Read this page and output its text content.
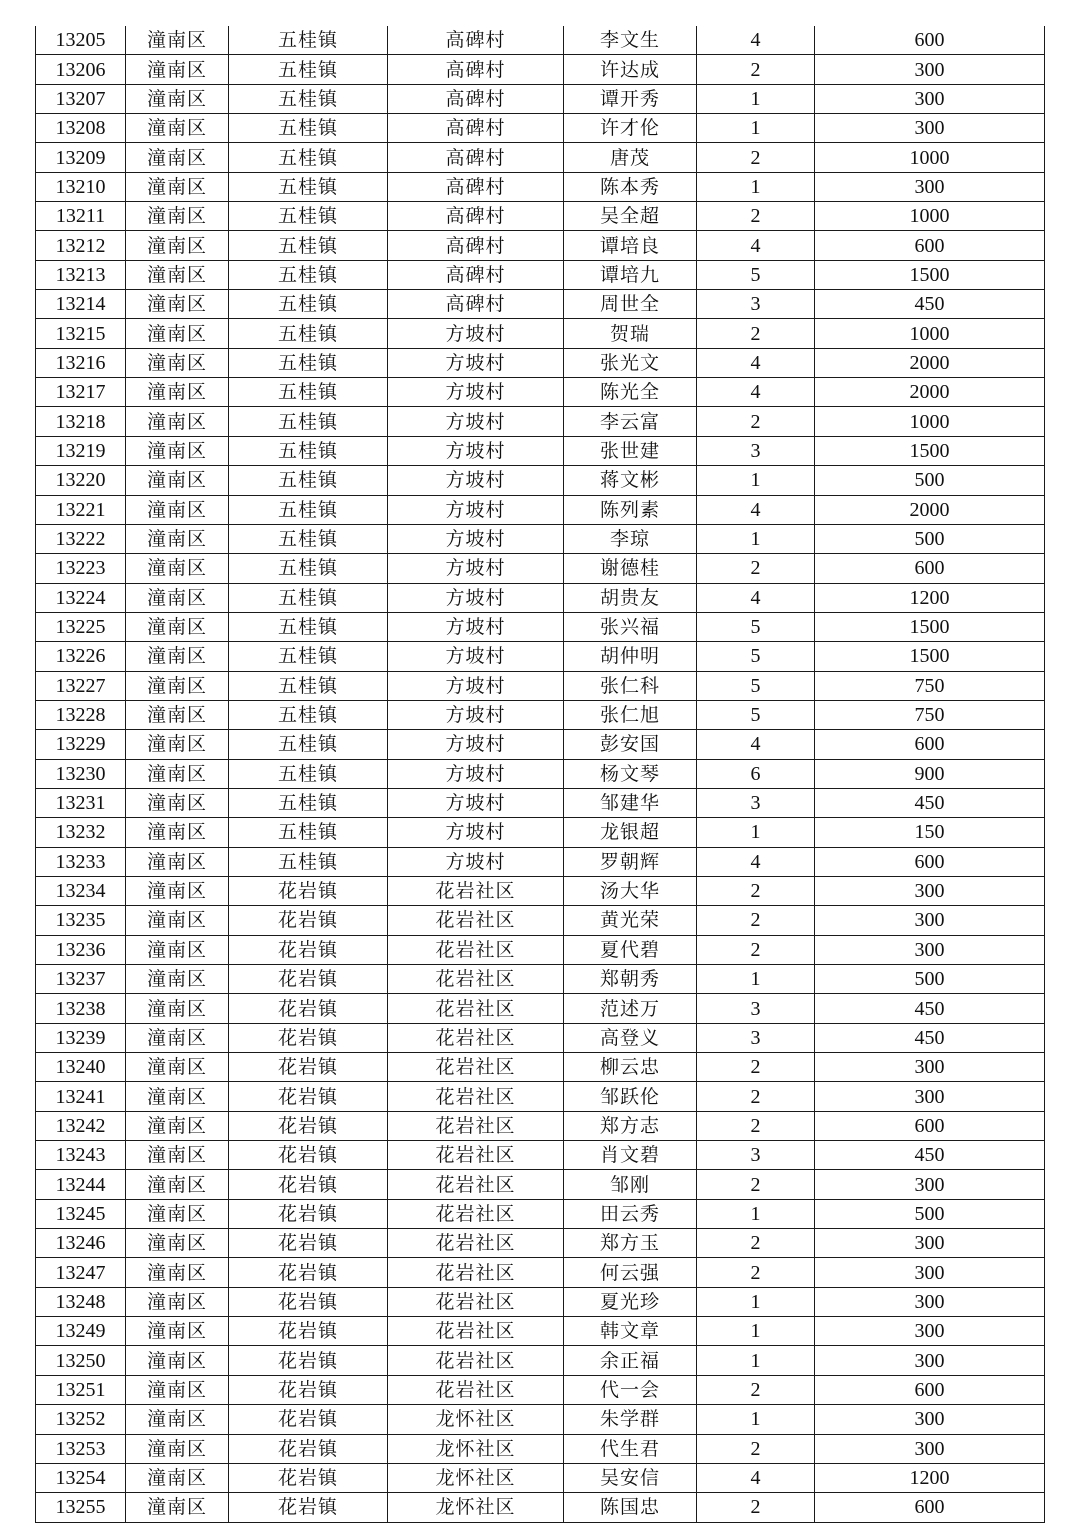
13205	潼南区	五桂镇	高碑村	李文生	4	600
13206	潼南区	五桂镇	高碑村	许达成	2	300
13207	潼南区	五桂镇	高碑村	谭开秀	1	300
13208	潼南区	五桂镇	高碑村	许才伦	1	300
13209	潼南区	五桂镇	高碑村	唐茂	2	1000
13210	潼南区	五桂镇	高碑村	陈本秀	1	300
13211	潼南区	五桂镇	高碑村	吴全超	2	1000
13212	潼南区	五桂镇	高碑村	谭培良	4	600
13213	潼南区	五桂镇	高碑村	谭培九	5	1500
13214	潼南区	五桂镇	高碑村	周世全	3	450
13215	潼南区	五桂镇	方坡村	贺瑞	2	1000
13216	潼南区	五桂镇	方坡村	张光文	4	2000
13217	潼南区	五桂镇	方坡村	陈光全	4	2000
13218	潼南区	五桂镇	方坡村	李云富	2	1000
13219	潼南区	五桂镇	方坡村	张世建	3	1500
13220	潼南区	五桂镇	方坡村	蒋文彬	1	500
13221	潼南区	五桂镇	方坡村	陈列素	4	2000
13222	潼南区	五桂镇	方坡村	李琼	1	500
13223	潼南区	五桂镇	方坡村	谢德桂	2	600
13224	潼南区	五桂镇	方坡村	胡贵友	4	1200
13225	潼南区	五桂镇	方坡村	张兴福	5	1500
13226	潼南区	五桂镇	方坡村	胡仲明	5	1500
13227	潼南区	五桂镇	方坡村	张仁科	5	750
13228	潼南区	五桂镇	方坡村	张仁旭	5	750
13229	潼南区	五桂镇	方坡村	彭安国	4	600
13230	潼南区	五桂镇	方坡村	杨文琴	6	900
13231	潼南区	五桂镇	方坡村	邹建华	3	450
13232	潼南区	五桂镇	方坡村	龙银超	1	150
13233	潼南区	五桂镇	方坡村	罗朝辉	4	600
13234	潼南区	花岩镇	花岩社区	汤大华	2	300
13235	潼南区	花岩镇	花岩社区	黄光荣	2	300
13236	潼南区	花岩镇	花岩社区	夏代碧	2	300
13237	潼南区	花岩镇	花岩社区	郑朝秀	1	500
13238	潼南区	花岩镇	花岩社区	范述万	3	450
13239	潼南区	花岩镇	花岩社区	高登义	3	450
13240	潼南区	花岩镇	花岩社区	柳云忠	2	300
13241	潼南区	花岩镇	花岩社区	邹跃伦	2	300
13242	潼南区	花岩镇	花岩社区	郑方志	2	600
13243	潼南区	花岩镇	花岩社区	肖文碧	3	450
13244	潼南区	花岩镇	花岩社区	邹刚	2	300
13245	潼南区	花岩镇	花岩社区	田云秀	1	500
13246	潼南区	花岩镇	花岩社区	郑方玉	2	300
13247	潼南区	花岩镇	花岩社区	何云强	2	300
13248	潼南区	花岩镇	花岩社区	夏光珍	1	300
13249	潼南区	花岩镇	花岩社区	韩文章	1	300
13250	潼南区	花岩镇	花岩社区	余正福	1	300
13251	潼南区	花岩镇	花岩社区	代一会	2	600
13252	潼南区	花岩镇	龙怀社区	朱学群	1	300
13253	潼南区	花岩镇	龙怀社区	代生君	2	300
13254	潼南区	花岩镇	龙怀社区	吴安信	4	1200
13255	潼南区	花岩镇	龙怀社区	陈国忠	2	600
